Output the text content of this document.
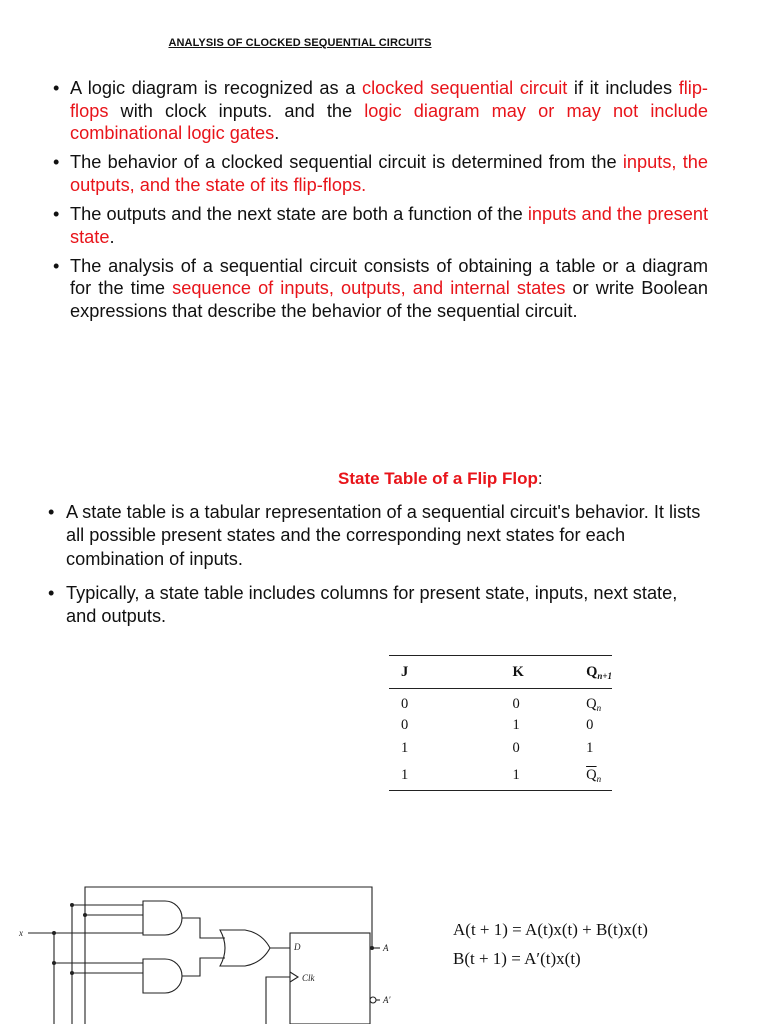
ANALYSIS OF CLOCKED SEQUENTIAL CIRCUITS
• A logic diagram is recognized as a clocked sequential circuit if it includes flip-flops with clock inputs. and the logic diagram may or may not include combinational logic gates.
• The behavior of a clocked sequential circuit is determined from the inputs, the outputs, and the state of its flip-flops.
• The outputs and the next state are both a function of the inputs and the present state.
• The analysis of a sequential circuit consists of obtaining a table or a diagram for the time sequence of inputs, outputs, and internal states or write Boolean expressions that describe the behavior of the sequential circuit.
State Table of a Flip Flop:
• A state table is a tabular representation of a sequential circuit's behavior. It lists all possible present states and the corresponding next states for each combination of inputs.
• Typically, a state table includes columns for present state, inputs, next state, and outputs.
J	K	$Q_{n+1}$
0	0	$Q_n$
0	1	0
1	0	1
1	1	$\overline{Q}_n$
x
D
Clk
A
A′
A(t + 1) = A(t)x(t) + B(t)x(t)
B(t + 1) = A′(t)x(t)
